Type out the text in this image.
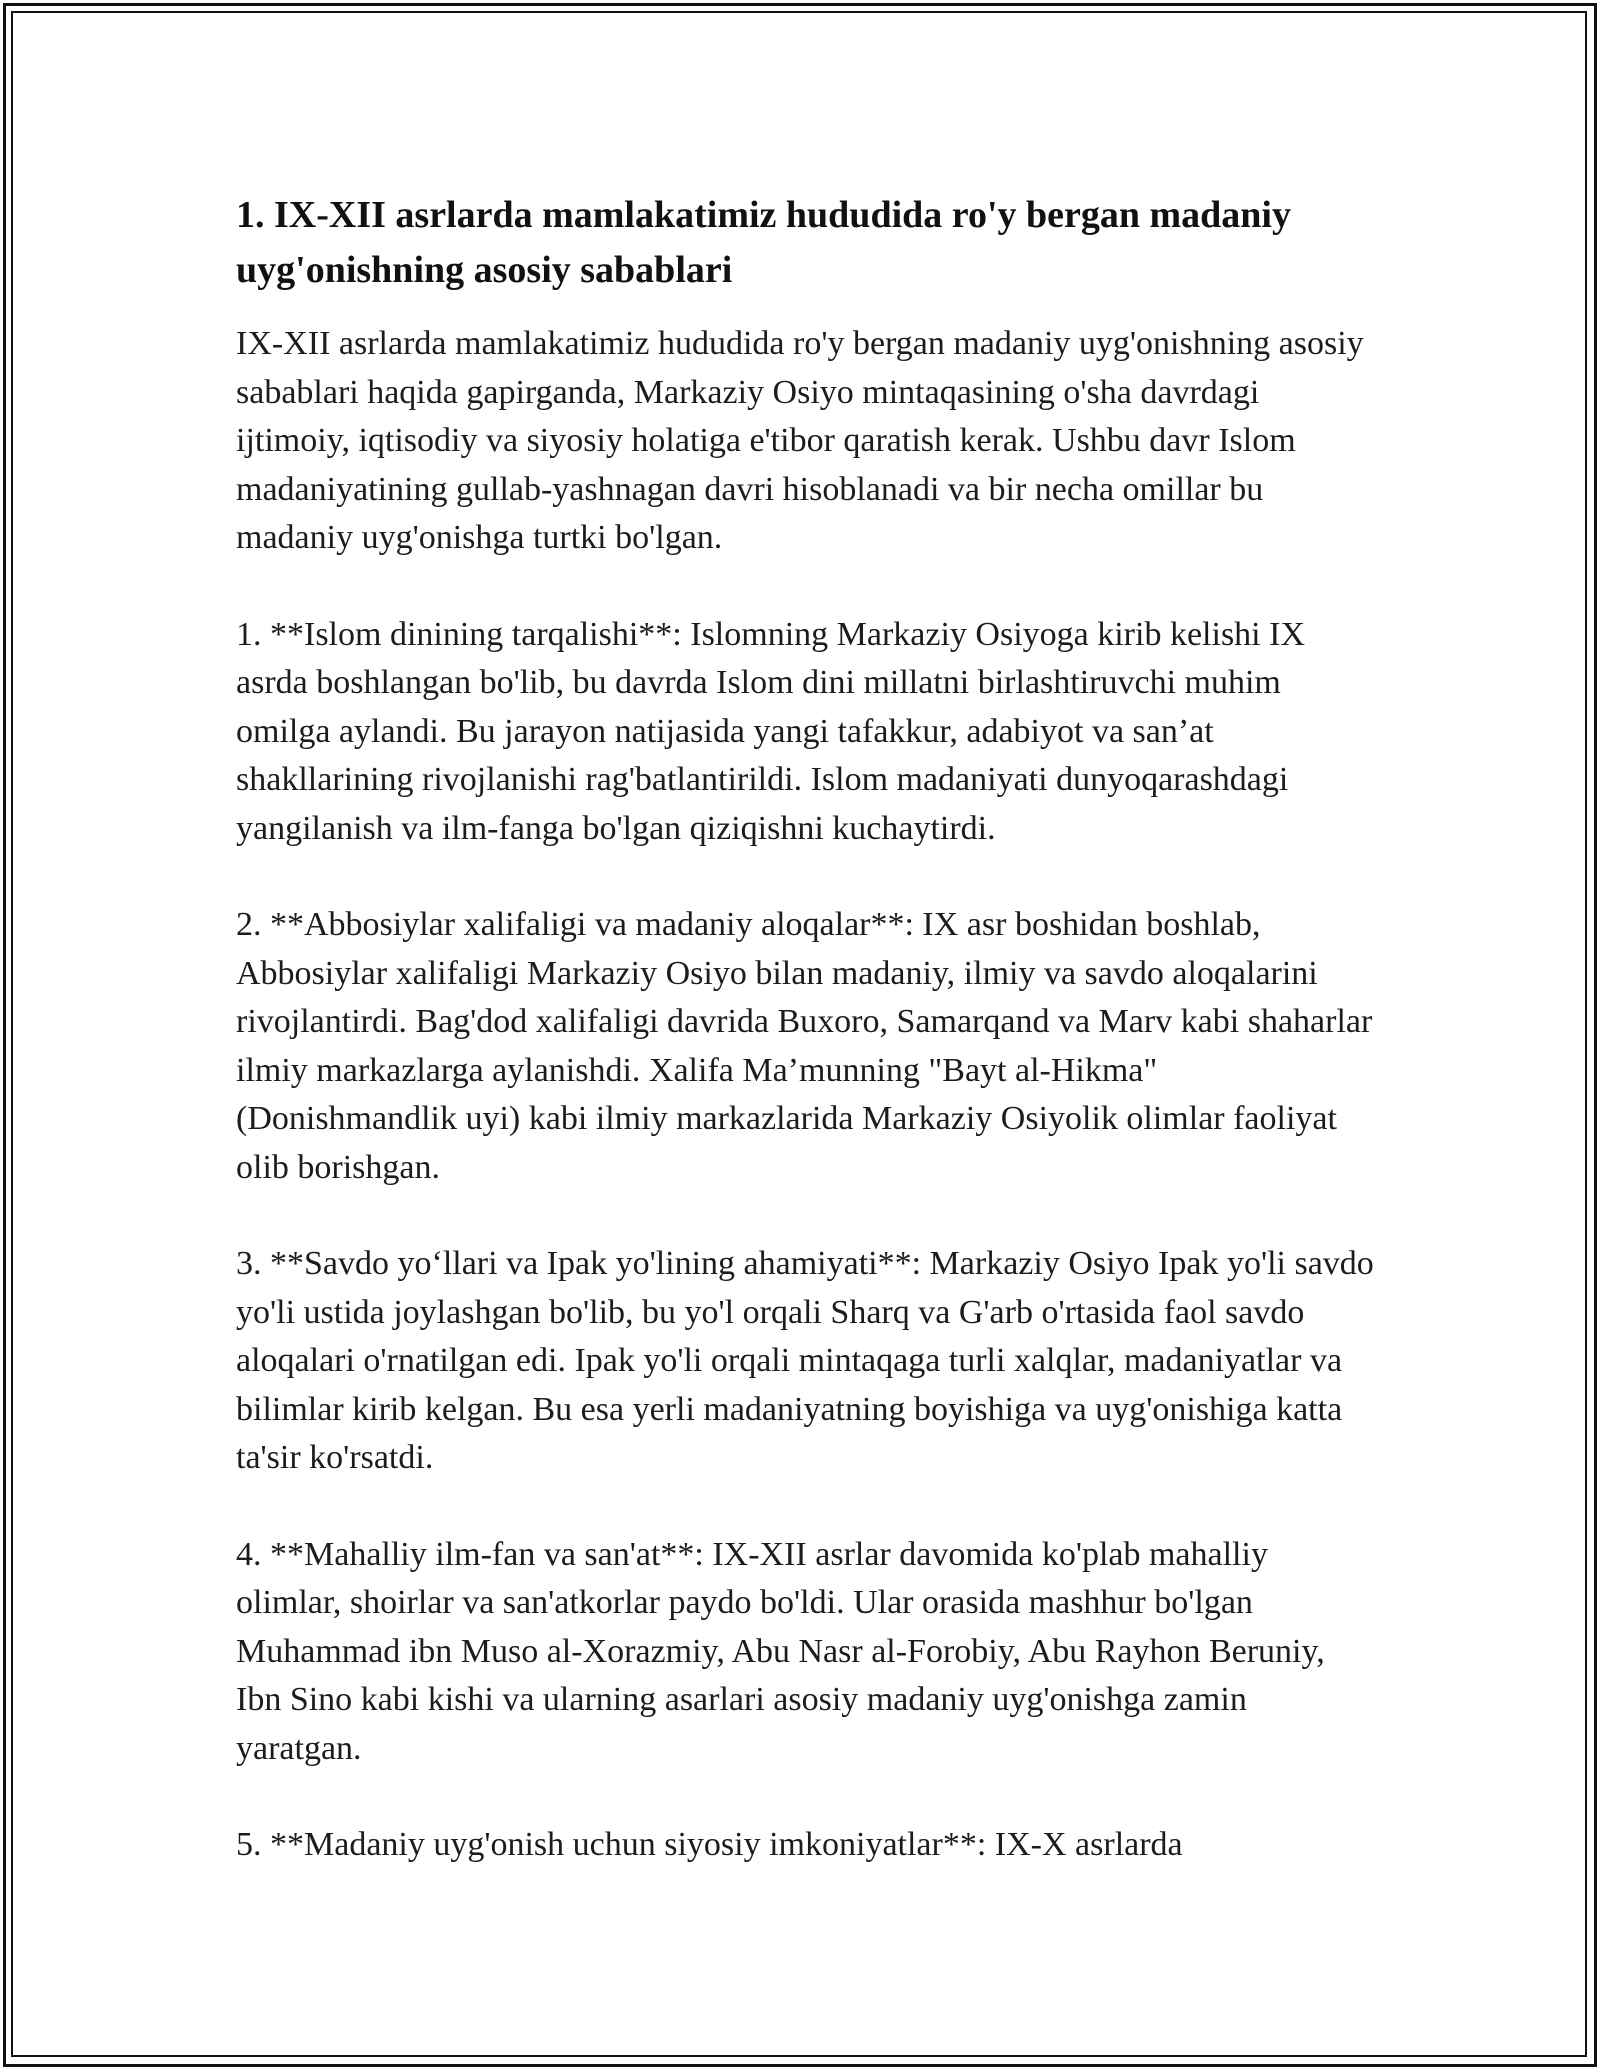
1. IX-XII asrlarda mamlakatimiz hududida ro'y bergan madaniy uyg'onishning asosiy sabablari

IX-XII asrlarda mamlakatimiz hududida ro'y bergan madaniy uyg'onishning asosiy sabablari haqida gapirganda, Markaziy Osiyo mintaqasining o'sha davrdagi ijtimoiy, iqtisodiy va siyosiy holatiga e'tibor qaratish kerak. Ushbu davr Islom madaniyatining gullab-yashnagan davri hisoblanadi va bir necha omillar bu madaniy uyg'onishga turtki bo'lgan.

1. **Islom dinining tarqalishi**: Islomning Markaziy Osiyoga kirib kelishi IX asrda boshlangan bo'lib, bu davrda Islom dini millatni birlashtiruvchi muhim omilga aylandi. Bu jarayon natijasida yangi tafakkur, adabiyot va san’at shakllarining rivojlanishi rag'batlantirildi. Islom madaniyati dunyoqarashdagi yangilanish va ilm-fanga bo'lgan qiziqishni kuchaytirdi.

2. **Abbosiylar xalifaligi va madaniy aloqalar**: IX asr boshidan boshlab, Abbosiylar xalifaligi Markaziy Osiyo bilan madaniy, ilmiy va savdo aloqalarini rivojlantirdi. Bag'dod xalifaligi davrida Buxoro, Samarqand va Marv kabi shaharlar ilmiy markazlarga aylanishdi. Xalifa Ma’munning "Bayt al-Hikma" (Donishmandlik uyi) kabi ilmiy markazlarida Markaziy Osiyolik olimlar faoliyat olib borishgan.

3. **Savdo yo‘llari va Ipak yo'lining ahamiyati**: Markaziy Osiyo Ipak yo'li savdo yo'li ustida joylashgan bo'lib, bu yo'l orqali Sharq va G'arb o'rtasida faol savdo aloqalari o'rnatilgan edi. Ipak yo'li orqali mintaqaga turli xalqlar, madaniyatlar va bilimlar kirib kelgan. Bu esa yerli madaniyatning boyishiga va uyg'onishiga katta ta'sir ko'rsatdi.

4. **Mahalliy ilm-fan va san'at**: IX-XII asrlar davomida ko'plab mahalliy olimlar, shoirlar va san'atkorlar paydo bo'ldi. Ular orasida mashhur bo'lgan Muhammad ibn Muso al-Xorazmiy, Abu Nasr al-Forobiy, Abu Rayhon Beruniy, Ibn Sino kabi kishi va ularning asarlari asosiy madaniy uyg'onishga zamin yaratgan.

5. **Madaniy uyg'onish uchun siyosiy imkoniyatlar**: IX-X asrlarda
